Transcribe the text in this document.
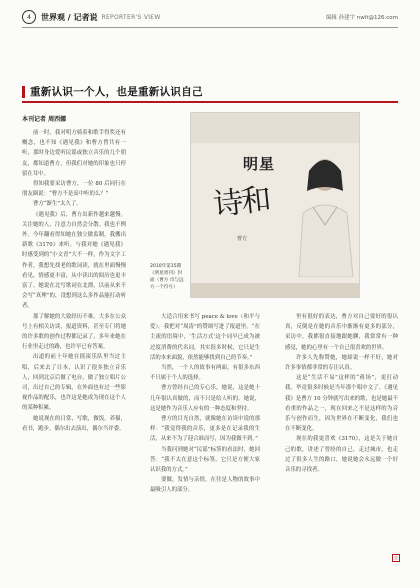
4	世界观 / 记者说 REPORTER'S VIEW	编辑 孙建宇 nwlt@126.com
重新认识一个人，也是重新认识自己
本刊记者 周西娜

前一时，我对明方骑着和歌手得奖还有概念，也不知《遇见我》和曹方曾共有一听，那时身边爱听民谣或独立音乐的几个朋友，都知道曹方，但我们对她的印象也只停留在耳中。

得知我要采访曹方，一位 80 后同行在朋友圈说：“曹方不是高中听的么？”

曹方“渐生”太久了。

《遇见我》后，曹方出新作越来越慢。关注她的人，注意力自然会分散。我也不例外。今年翻看得知她在独立做监制，我搬出新歌《3170》来听，与我对她《遇见我》时感受到的“小文青”大不一样，作为文字工作者，我想先找老的歌词读，就在里面慢慢看见，情感更丰富，从中读出的阅历也更丰富了。她说在北写歌词在北漂，以前从来不会写“真理”的，没想到这么多作品能打动听者。

那了解她的大致经历不难，大多在公众号上有相关访谈，报道资料，甚至专门将她的许多歌的创作过程都记录了，多年来她在行业里走过的路，也许早已有答案。

出道的前十年她在摇滚乐队里当过主唱，后来去了日本，认识了很多独立音乐人，回到北京后做了电台，做了独立唱片公司，出过自己的专辑，在外面也有过一些影视作品的配乐，也许这是她成为现在这个人的某种积累。

她说现在的日常，写歌，做饭，养猫，看书，跑步，偶尔出去演出，偶尔当评委。

明星
诗和
曹方
2010年第15期《明星周刊》封面（曹方 诗与远方一个符号）

大适合用来书写 peace & love（和平与爱）。我把对“周涛”的赞颂写进了报道里。“在主流的语境中，‘生活方式’这个词早已成为被过度消费的代名词，其实很多时候，它只是生活的本来面貌，依然能够找到自己的节奏。”

当然，一个人的故事有两面，有很多东西不只属于个人的选择。

曹方曾经自己的专心乐，她说，这是她十几年很认真做的，而不只是给人听的。她说，这是她作为音乐人应有的一种态度和坚持。

曹方的目光自然，就像她在访谈中说的那样：“我觉得我的音乐，更多是在记录我的生活，从来不为了迎合谁而写，因为我做不到。”

当我问到她对“民谣”标签的看法时，她回答：“我不太在意这个标签，它只是方便大家认识我的方式。”

要做，发情与亲情，在往是人物的故事中最吸引人的部分。

里有很好的表达，曹方对自己要好的很认真，反倒是在她的音乐中渐渐有更多的部分，采访中，我都很直接地跟她聊，我常常有一种感觉，她的心里有一个自己很喜欢的世界。

许多人先称赞她，她却说一样不好，她对许多事情都非常的专注认真。

这是“生活不易”这样的“蒋场”，更打动我。毕竟很多时候是当年那个唱中文了。《遇见我》是曹方 10 分钟就写出来的歌，也是她最不看重的作品之一，现在回来之不是这样的为音乐与创作而生，因为世界在不断变化，我们也在不断变化。

现在的我更喜欢《3170》，这是关于她自己的歌，讲述了曾经的自己，走过城市，也走过了很多人生的路口，她说她会永远做一个好音乐的寻找者。

全
